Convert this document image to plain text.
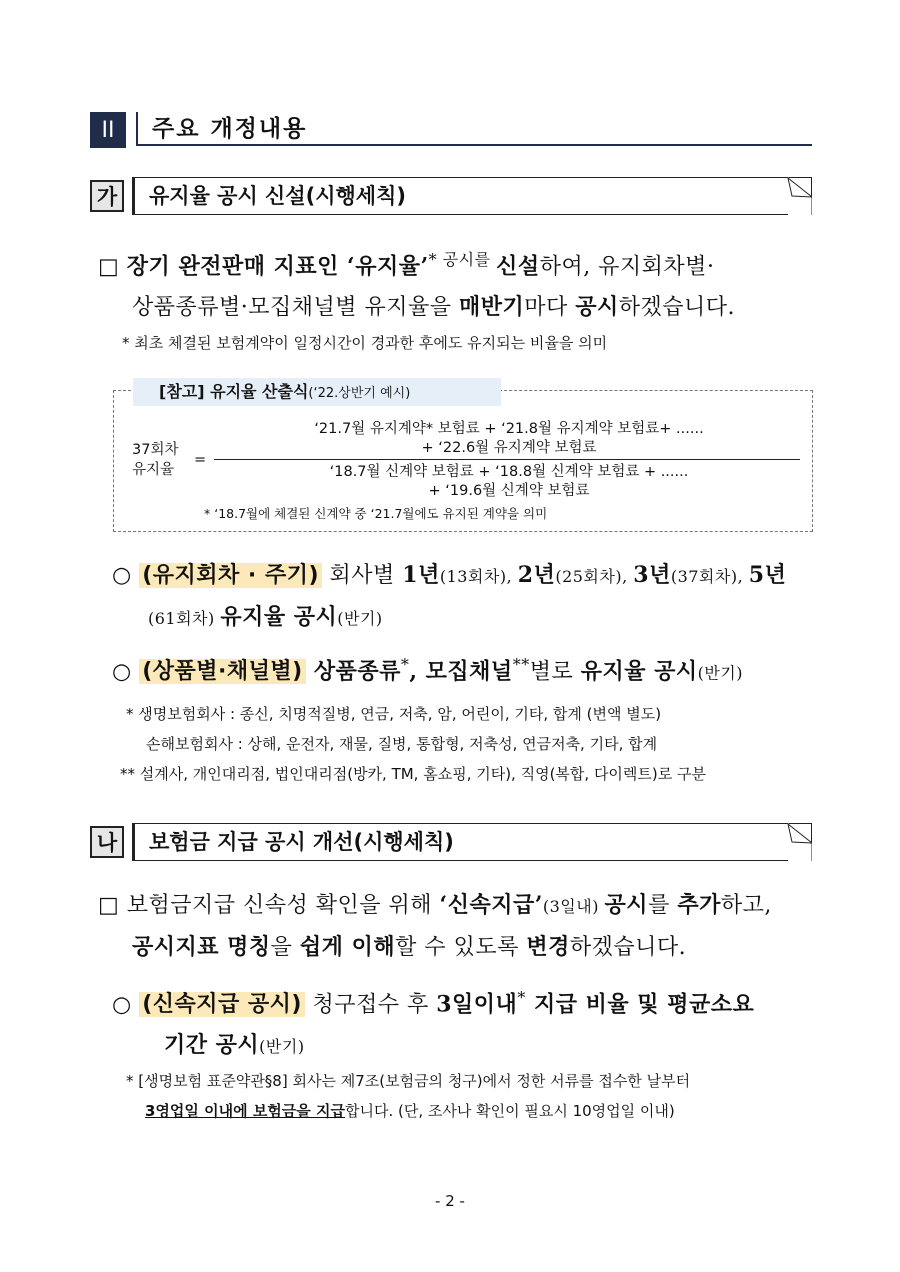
II	주요 개정내용
가	유지율 공시 신설(시행세칙)
□ 장기 완전판매 지표인 ‘유지율’$^{* 공시를}$ 신설하여, 유지회차별·
상품종류별·모집채널별 유지율을 매반기마다 공시하겠습니다.
* 최초 체결된 보험계약이 일정시간이 경과한 후에도 유지되는 비율을 의미
[참고] 유지율 산출식(‘22.상반기 예시)
37회차
유지율
=
‘21.7월 유지계약* 보험료 + ‘21.8월 유지계약 보험료+ ......
+ ‘22.6월 유지계약 보험료
‘18.7월 신계약 보험료 + ‘18.8월 신계약 보험료 + ......
+ ‘19.6월 신계약 보험료
* ‘18.7월에 체결된 신계약 중 ‘21.7월에도 유지된 계약을 의미
○ (유지회차 · 주기) 회사별 1년(13회차), 2년(25회차), 3년(37회차), 5년
(61회차) 유지율 공시(반기)
○ (상품별·채널별) 상품종류*, 모집채널**별로 유지율 공시(반기)
* 생명보험회사 : 종신, 치명적질병, 연금, 저축, 암, 어린이, 기타, 합계 (변액 별도)
손해보험회사 : 상해, 운전자, 재물, 질병, 통합형, 저축성, 연금저축, 기타, 합계
** 설계사, 개인대리점, 법인대리점(방카, TM, 홈쇼핑, 기타), 직영(복합, 다이렉트)로 구분
나	보험금 지급 공시 개선(시행세칙)
□ 보험금지급 신속성 확인을 위해 ‘신속지급’(3일내) 공시를 추가하고,
공시지표 명칭을 쉽게 이해할 수 있도록 변경하겠습니다.
○ (신속지급 공시) 청구접수 후 3일이내* 지급 비율 및 평균소요
기간 공시(반기)
* [생명보험 표준약관§8] 회사는 제7조(보험금의 청구)에서 정한 서류를 접수한 날부터
3영업일 이내에 보험금을 지급합니다. (단, 조사나 확인이 필요시 10영업일 이내)
- 2 -
